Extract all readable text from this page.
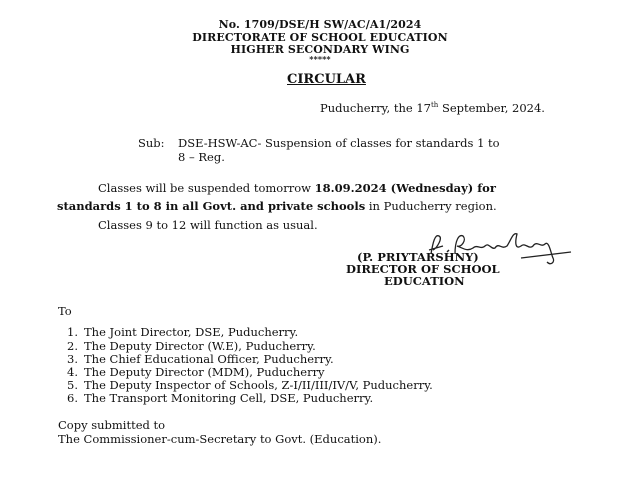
No. 1709/DSE/H SW/AC/A1/2024
DIRECTORATE OF SCHOOL EDUCATION
HIGHER SECONDARY WING
*****
CIRCULAR
Puducherry, the 17th September, 2024.
Sub: DSE-HSW-AC- Suspension of classes for standards 1 to
8 – Reg.
Classes will be suspended tomorrow 18.09.2024 (Wednesday) for
standards 1 to 8 in all Govt. and private schools in Puducherry region.
Classes 9 to 12 will function as usual.
(P. PRIYTARSHNY)
DIRECTOR OF SCHOOL
EDUCATION
To
1. The Joint Director, DSE, Puducherry.
2. The Deputy Director (W.E), Puducherry.
3. The Chief Educational Officer, Puducherry.
4. The Deputy Director (MDM), Puducherry
5. The Deputy Inspector of Schools, Z-I/II/III/IV/V, Puducherry.
6. The Transport Monitoring Cell, DSE, Puducherry.
Copy submitted to
The Commissioner-cum-Secretary to Govt. (Education).
